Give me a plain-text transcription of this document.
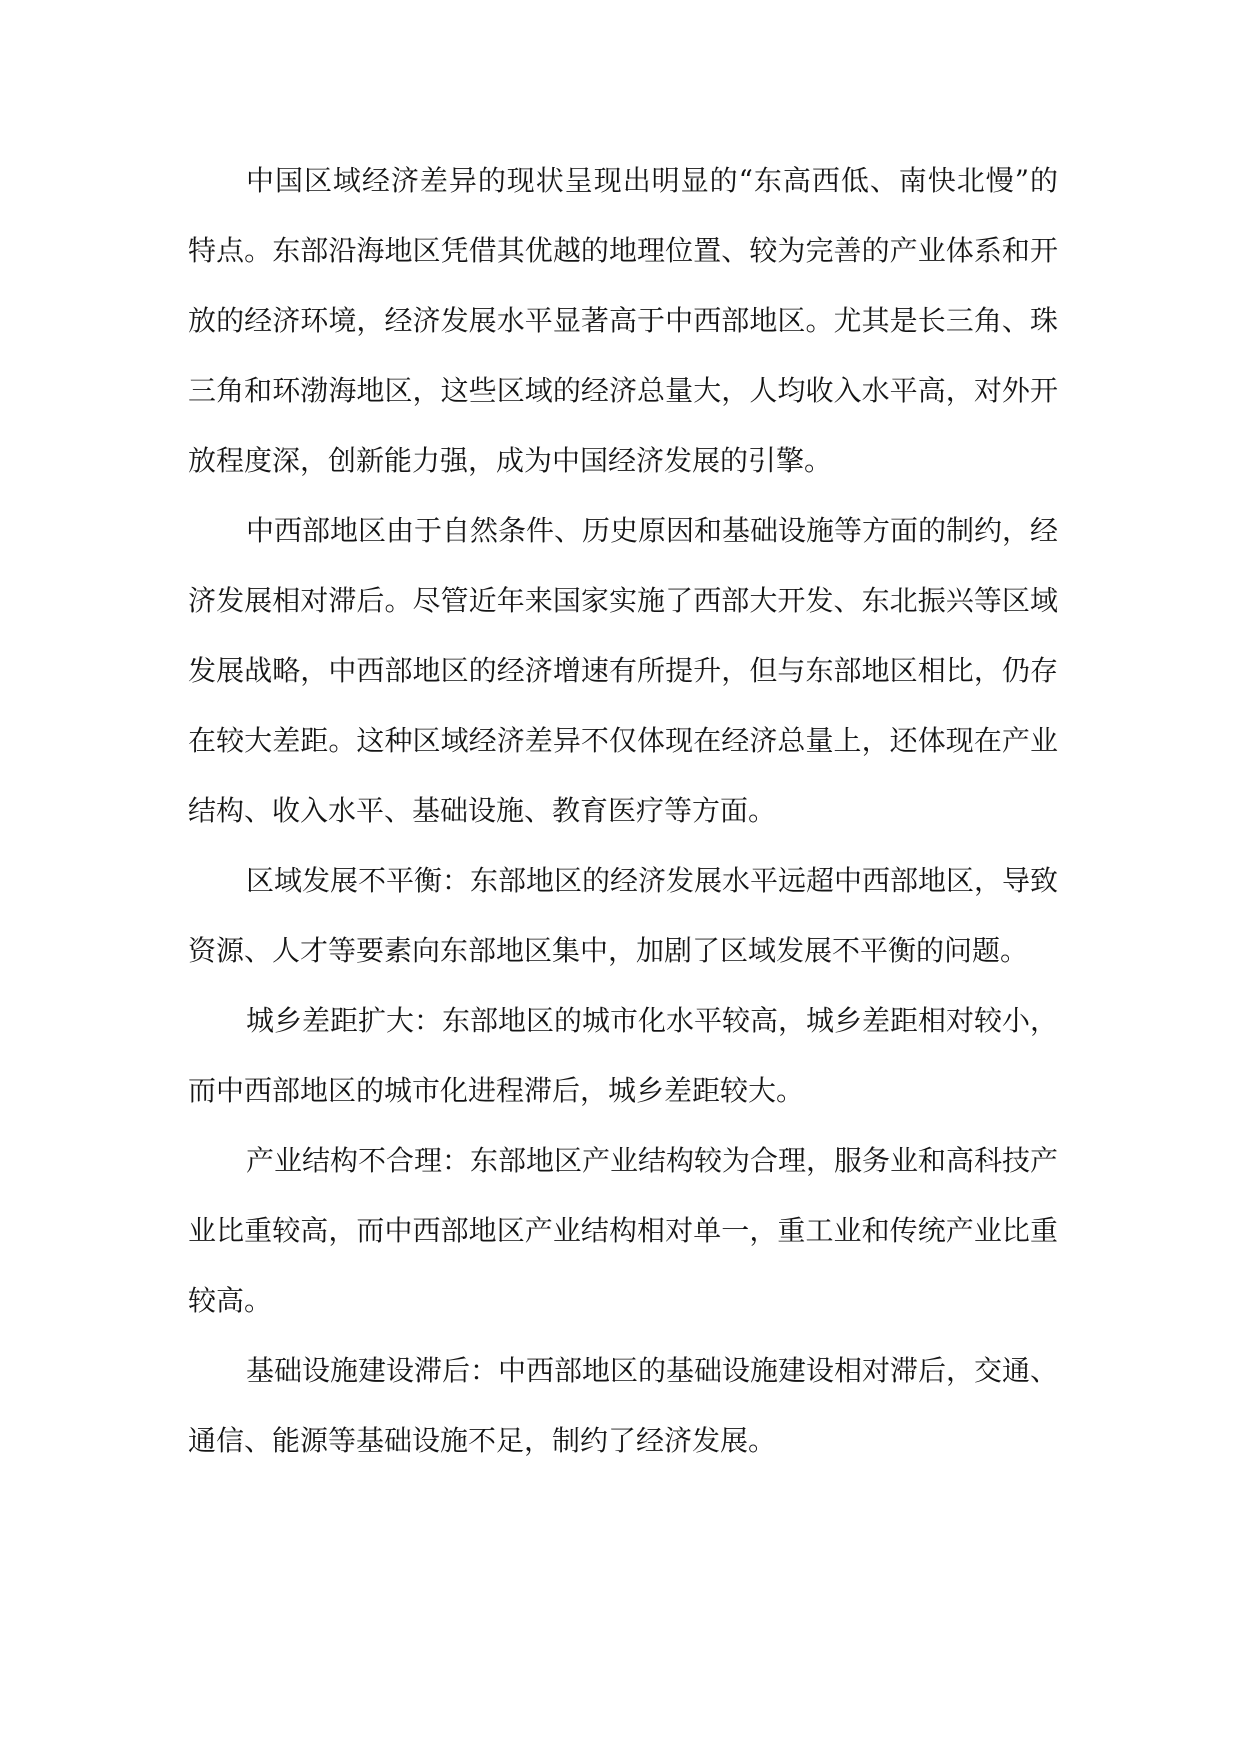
中国区域经济差异的现状呈现出明显的“东高西低、南快北慢”的特点。东部沿海地区凭借其优越的地理位置、较为完善的产业体系和开放的经济环境，经济发展水平显著高于中西部地区。尤其是长三角、珠三角和环渤海地区，这些区域的经济总量大，人均收入水平高，对外开放程度深，创新能力强，成为中国经济发展的引擎。

中西部地区由于自然条件、历史原因和基础设施等方面的制约，经济发展相对滞后。尽管近年来国家实施了西部大开发、东北振兴等区域发展战略，中西部地区的经济增速有所提升，但与东部地区相比，仍存在较大差距。这种区域经济差异不仅体现在经济总量上，还体现在产业结构、收入水平、基础设施、教育医疗等方面。

区域发展不平衡：东部地区的经济发展水平远超中西部地区，导致资源、人才等要素向东部地区集中，加剧了区域发展不平衡的问题。

城乡差距扩大：东部地区的城市化水平较高，城乡差距相对较小，而中西部地区的城市化进程滞后，城乡差距较大。

产业结构不合理：东部地区产业结构较为合理，服务业和高科技产业比重较高，而中西部地区产业结构相对单一，重工业和传统产业比重较高。

基础设施建设滞后：中西部地区的基础设施建设相对滞后，交通、通信、能源等基础设施不足，制约了经济发展。
